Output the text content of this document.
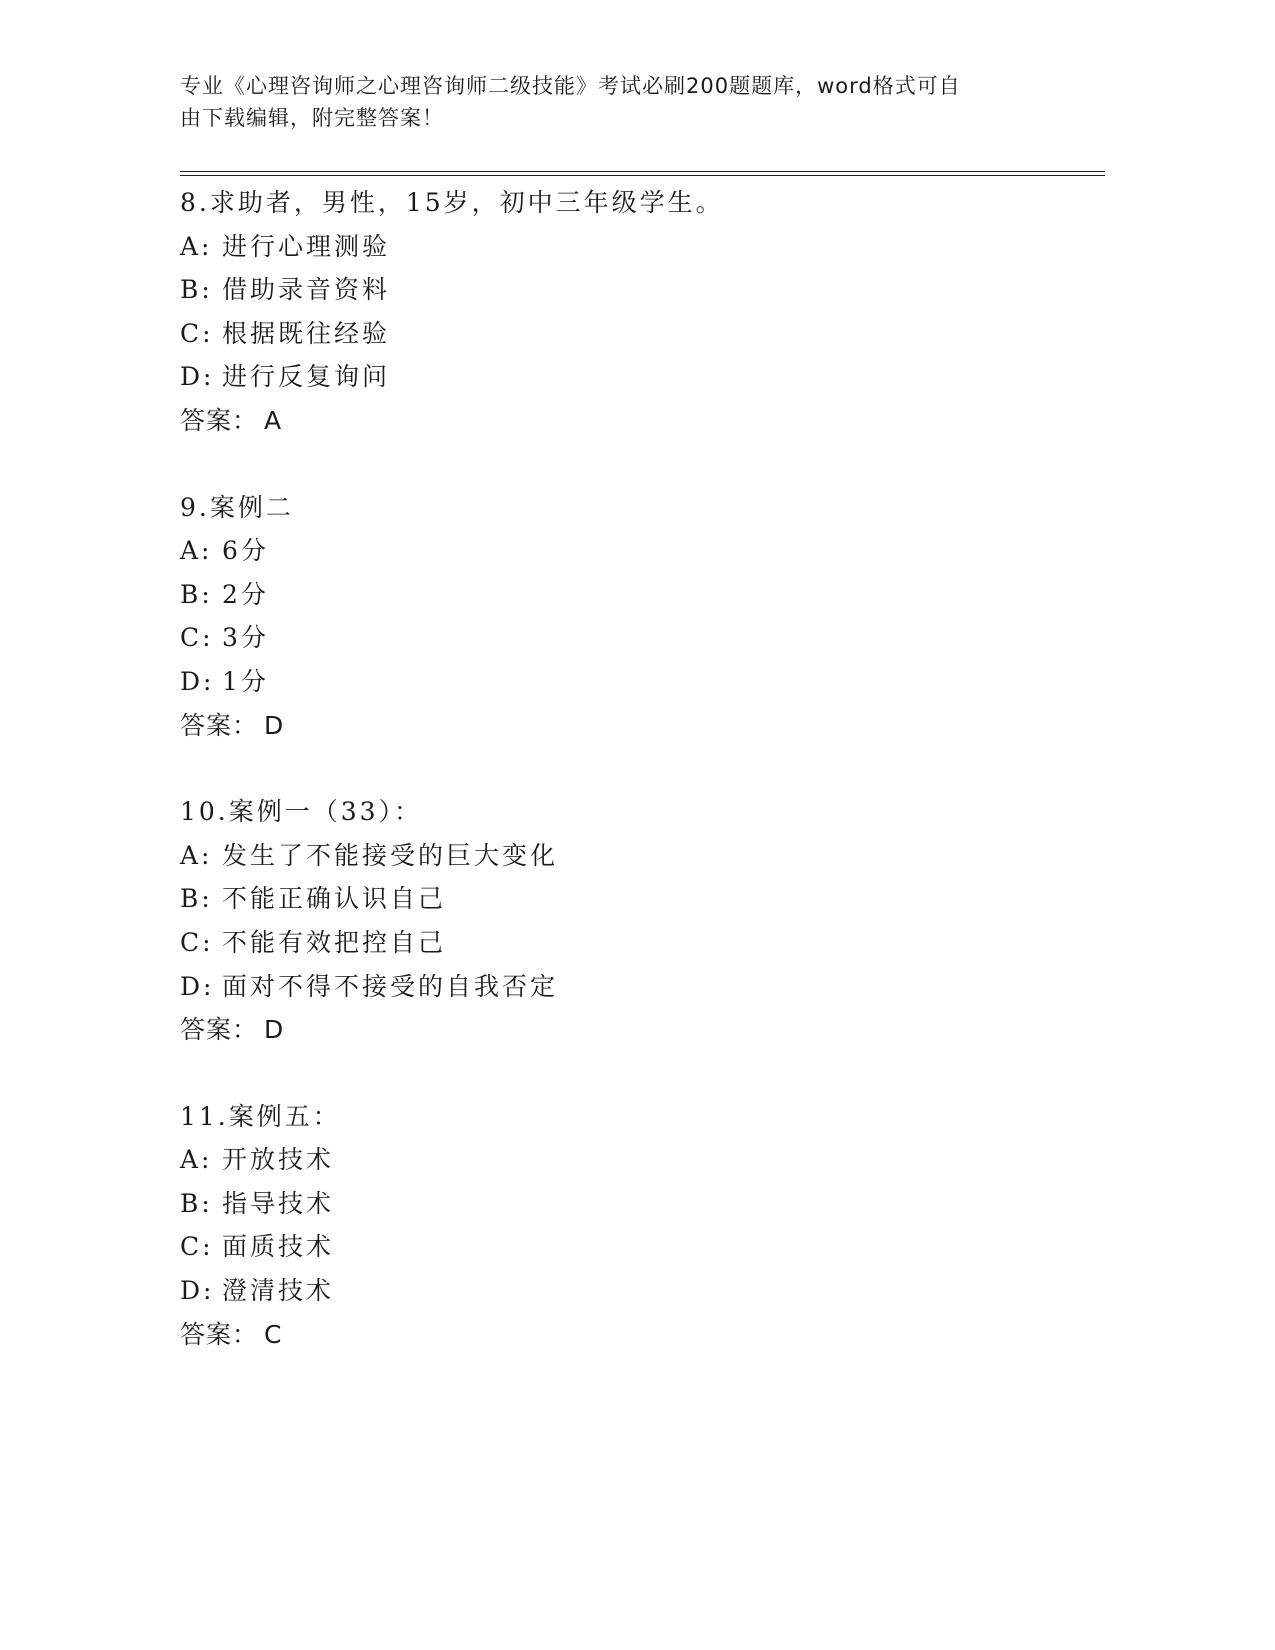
专业《心理咨询师之心理咨询师二级技能》考试必刷200题题库，word格式可自
由下载编辑，附完整答案！
8.求助者，男性，15岁，初中三年级学生。
A: 进行心理测验
B: 借助录音资料
C: 根据既往经验
D: 进行反复询问
答案： A
9.案例二
A: 6分
B: 2分
C: 3分
D: 1分
答案： D
10.案例一（33）：
A: 发生了不能接受的巨大变化
B: 不能正确认识自己
C: 不能有效把控自己
D: 面对不得不接受的自我否定
答案： D
11.案例五：
A: 开放技术
B: 指导技术
C: 面质技术
D: 澄清技术
答案： C
